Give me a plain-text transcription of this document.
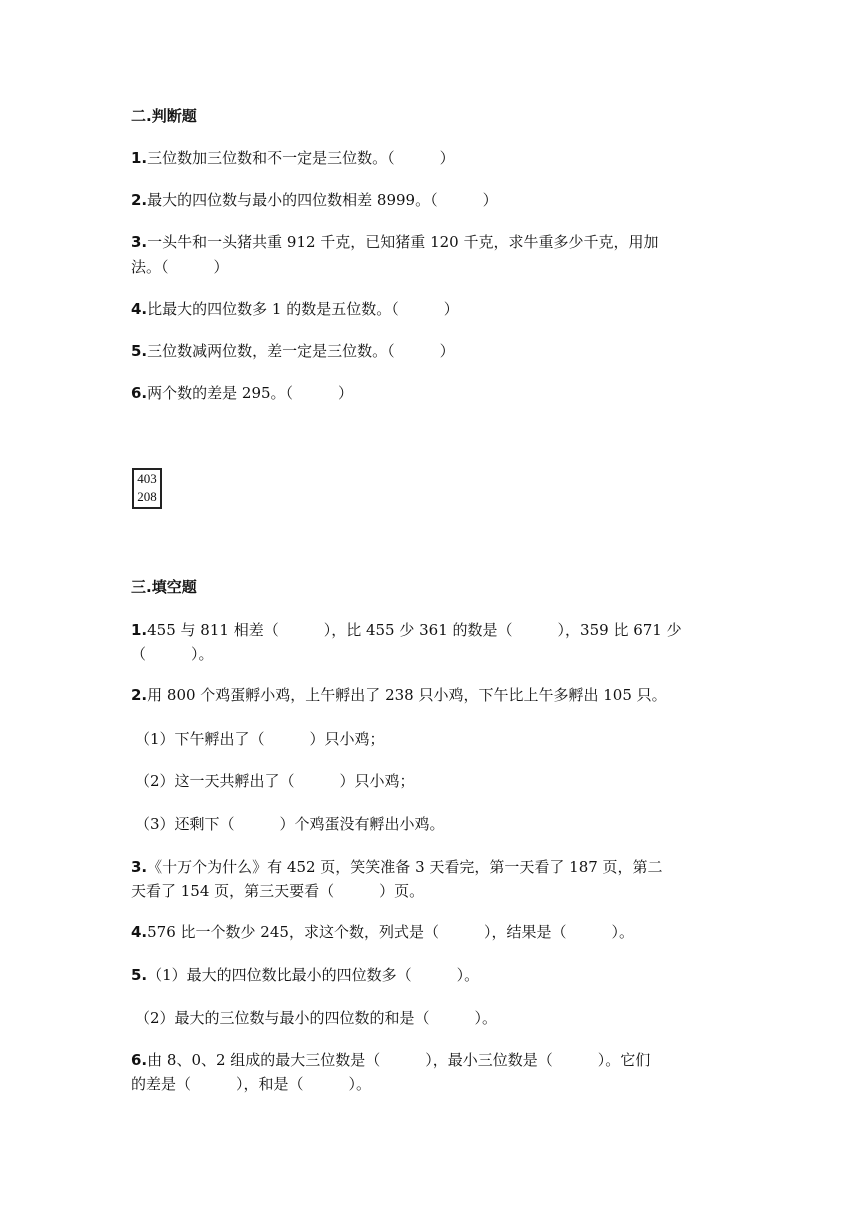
二.判断题
1.三位数加三位数和不一定是三位数。（　　　）
2.最大的四位数与最小的四位数相差 8999。（　　　）
3.一头牛和一头猪共重 912 千克，已知猪重 120 千克，求牛重多少千克，用加
法。（　　　）
4.比最大的四位数多 1 的数是五位数。（　　　）
5.三位数减两位数，差一定是三位数。（　　　）
6.两个数的差是 295。（　　　）
403
208
三.填空题
1.455 与 811 相差（　　　），比 455 少 361 的数是（　　　），359 比 671 少
（　　　）。
2.用 800 个鸡蛋孵小鸡，上午孵出了 238 只小鸡，下午比上午多孵出 105 只。
（1）下午孵出了（　　　）只小鸡；
（2）这一天共孵出了（　　　）只小鸡；
（3）还剩下（　　　）个鸡蛋没有孵出小鸡。
3.《十万个为什么》有 452 页，笑笑准备 3 天看完，第一天看了 187 页，第二
天看了 154 页，第三天要看（　　　）页。
4.576 比一个数少 245，求这个数，列式是（　　　），结果是（　　　）。
5.（1）最大的四位数比最小的四位数多（　　　）。
（2）最大的三位数与最小的四位数的和是（　　　）。
6.由 8、0、2 组成的最大三位数是（　　　），最小三位数是（　　　）。它们
的差是（　　　），和是（　　　）。
